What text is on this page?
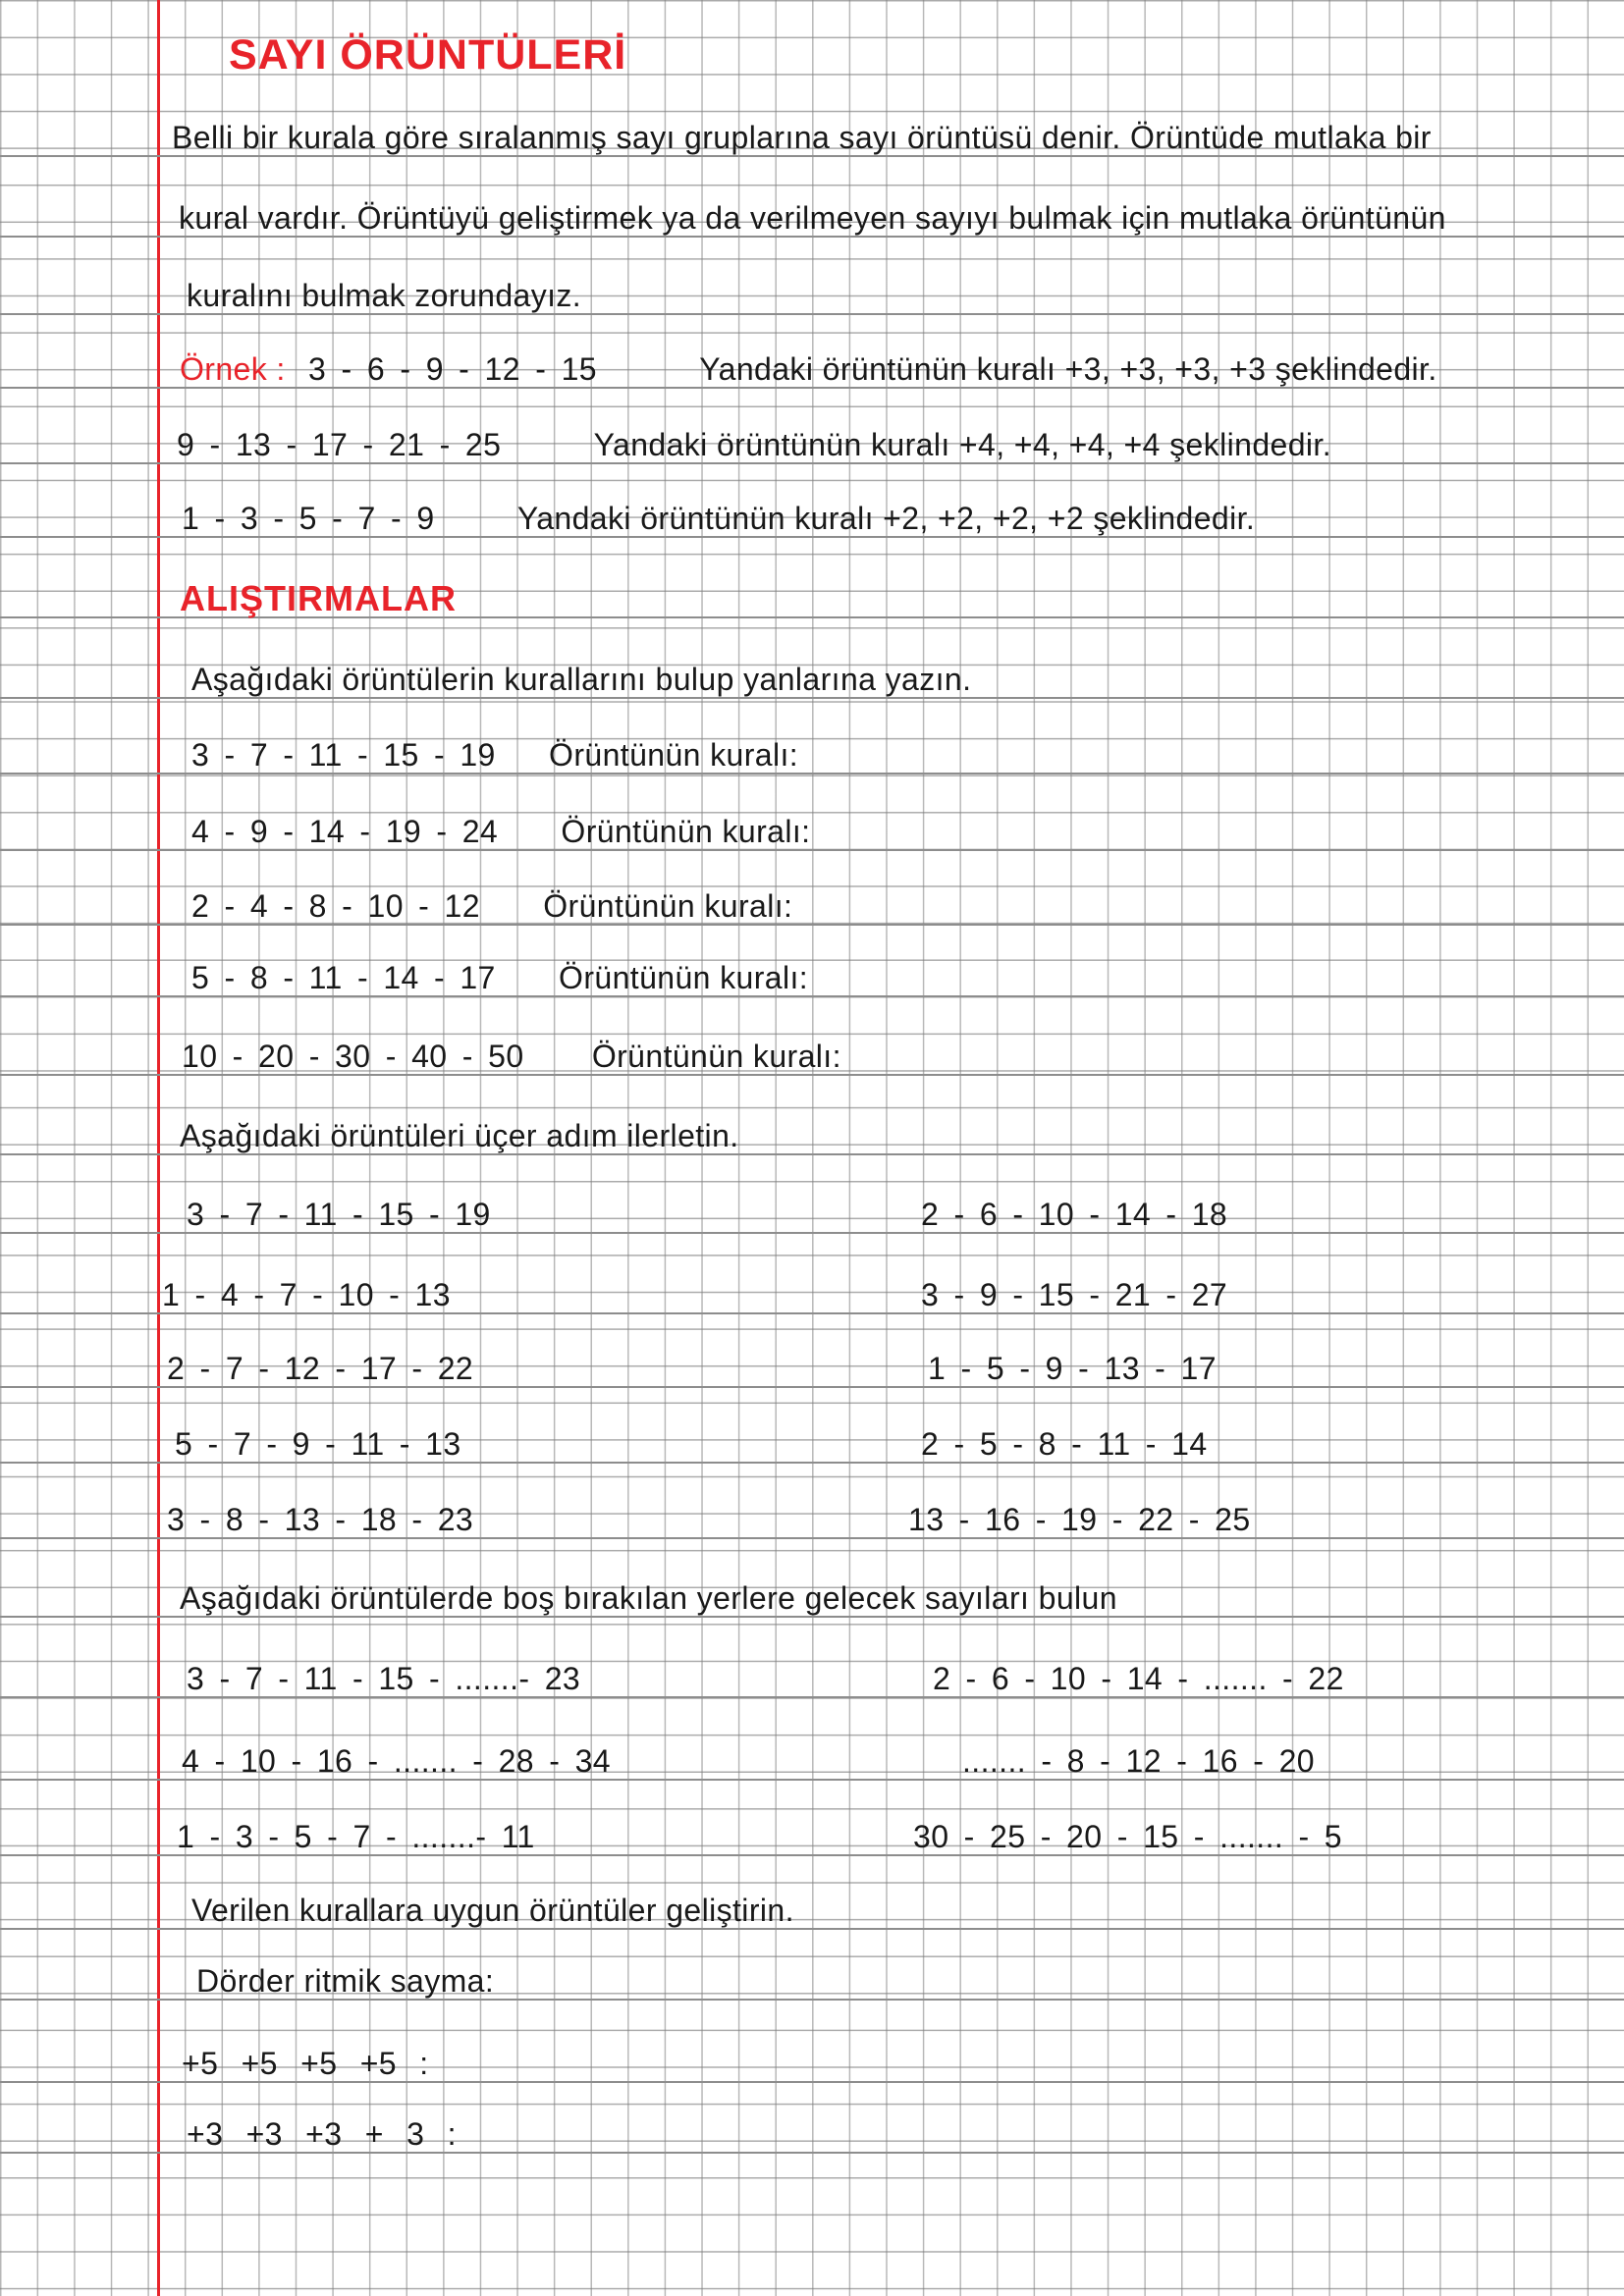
SAYI ÖRÜNTÜLERİ
Belli bir kurala göre sıralanmış sayı gruplarına sayı örüntüsü denir. Örüntüde mutlaka bir
kural vardır. Örüntüyü geliştirmek ya da verilmeyen sayıyı bulmak için mutlaka örüntünün
kuralını bulmak zorundayız.
Örnek : 3 - 6 - 9 - 12 - 15	Yandaki örüntünün kuralı +3, +3, +3, +3 şeklindedir.
9 - 13 - 17 - 21 - 25	Yandaki örüntünün kuralı +4, +4, +4, +4 şeklindedir.
1 - 3 - 5 - 7 - 9	Yandaki örüntünün kuralı +2, +2, +2, +2 şeklindedir.
ALIŞTIRMALAR
Aşağıdaki örüntülerin kurallarını bulup yanlarına yazın.
3 - 7 - 11 - 15 - 19 Örüntünün kuralı:
4 - 9 - 14 - 19 - 24 Örüntünün kuralı:
2 - 4 - 8 - 10 - 12 Örüntünün kuralı:
5 - 8 - 11 - 14 - 17 Örüntünün kuralı:
10 - 20 - 30 - 40 - 50 Örüntünün kuralı:
Aşağıdaki örüntüleri üçer adım ilerletin.
3 - 7 - 11 - 15 - 19	2 - 6 - 10 - 14 - 18
1 - 4 - 7 - 10 - 13	3 - 9 - 15 - 21 - 27
2 - 7 - 12 - 17 - 22	1 - 5 - 9 - 13 - 17
5 - 7 - 9 - 11 - 13	2 - 5 - 8 - 11 - 14
3 - 8 - 13 - 18 - 23	13 - 16 - 19 - 22 - 25
Aşağıdaki örüntülerde boş bırakılan yerlere gelecek sayıları bulun
3 - 7 - 11 - 15 - .......- 23	2 - 6 - 10 - 14 - ....... - 22
4 - 10 - 16 - ....... - 28 - 34	....... - 8 - 12 - 16 - 20
1 - 3 - 5 - 7 - .......- 11	30 - 25 - 20 - 15 - ....... - 5
Verilen kurallara uygun örüntüler geliştirin.
Dörder ritmik sayma:
+5 +5 +5 +5 :
+3 +3 +3 + 3 :
